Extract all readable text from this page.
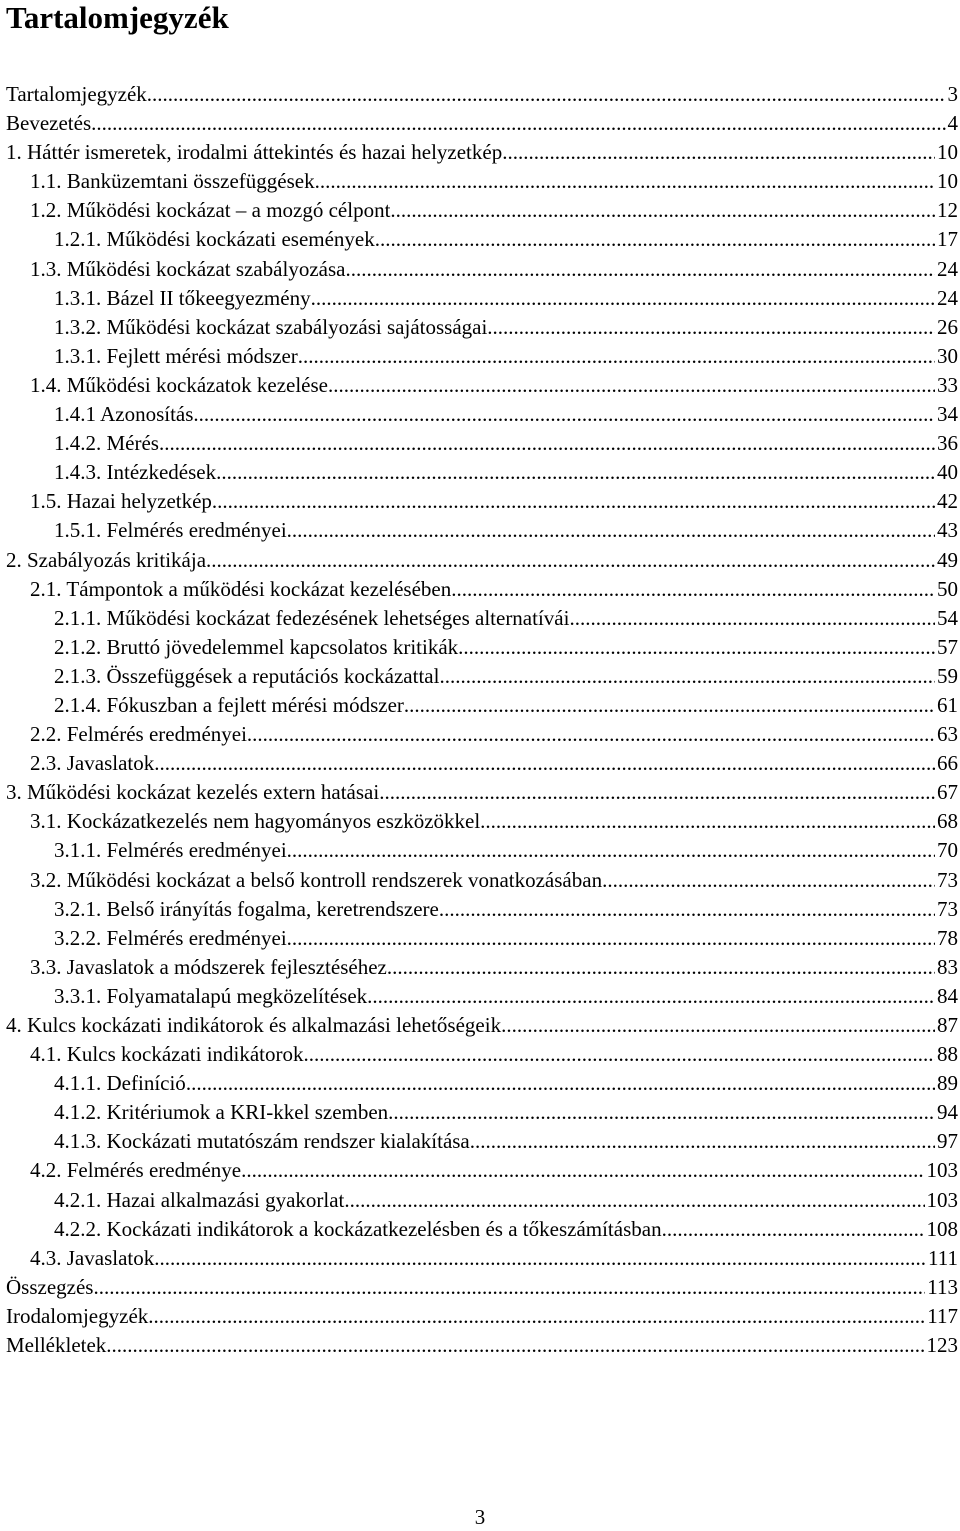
Tartalomjegyzék
Tartalomjegyzék .....	3
Bevezetés .....	4
1. Háttér ismeretek, irodalmi áttekintés és hazai helyzetkép .....	10
1.1. Banküzemtani összefüggések .....	10
1.2. Működési kockázat – a mozgó célpont .....	12
1.2.1. Működési kockázati események .....	17
1.3. Működési kockázat szabályozása .....	24
1.3.1. Bázel II tőkeegyezmény .....	24
1.3.2. Működési kockázat szabályozási sajátosságai .....	26
1.3.1. Fejlett mérési módszer .....	30
1.4. Működési kockázatok kezelése .....	33
1.4.1 Azonosítás .....	34
1.4.2. Mérés .....	36
1.4.3. Intézkedések .....	40
1.5. Hazai helyzetkép .....	42
1.5.1. Felmérés eredményei .....	43
2. Szabályozás kritikája .....	49
2.1. Támpontok a működési kockázat kezelésében .....	50
2.1.1. Működési kockázat fedezésének lehetséges alternatívái .....	54
2.1.2. Bruttó jövedelemmel kapcsolatos kritikák .....	57
2.1.3. Összefüggések a reputációs kockázattal .....	59
2.1.4. Fókuszban a fejlett mérési módszer .....	61
2.2. Felmérés eredményei .....	63
2.3. Javaslatok .....	66
3. Működési kockázat kezelés extern hatásai .....	67
3.1. Kockázatkezelés nem hagyományos eszközökkel .....	68
3.1.1. Felmérés eredményei .....	70
3.2. Működési kockázat a belső kontroll rendszerek vonatkozásában .....	73
3.2.1. Belső irányítás fogalma, keretrendszere .....	73
3.2.2. Felmérés eredményei .....	78
3.3. Javaslatok a módszerek fejlesztéséhez .....	83
3.3.1. Folyamatalapú megközelítések .....	84
4. Kulcs kockázati indikátorok és alkalmazási lehetőségeik .....	87
4.1. Kulcs kockázati indikátorok .....	88
4.1.1. Definíció .....	89
4.1.2. Kritériumok a KRI-kkel szemben .....	94
4.1.3. Kockázati mutatószám rendszer kialakítása .....	97
4.2. Felmérés eredménye .....	103
4.2.1. Hazai alkalmazási gyakorlat .....	103
4.2.2. Kockázati indikátorok a kockázatkezelésben és a tőkeszámításban .....	108
4.3. Javaslatok .....	111
Összegzés .....	113
Irodalomjegyzék .....	117
Mellékletek .....	123
3
